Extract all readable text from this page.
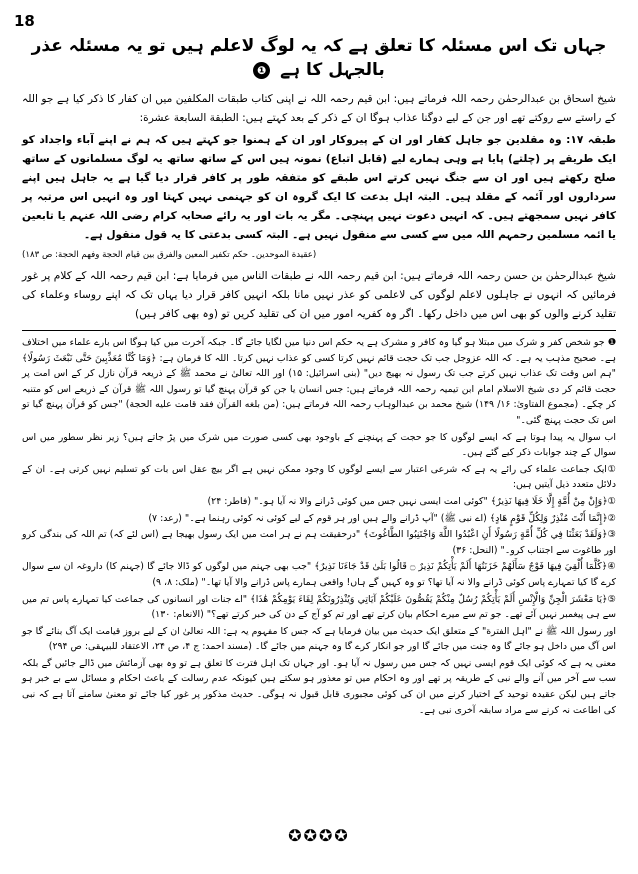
18
جہاں تک اس مسئلہ کا تعلق ہے کہ یہ لوگ لاعلم ہیں تو یہ مسئلہ عذر بالجہل کا ہے ❶

شیخ اسحاق بن عبدالرحمٰن رحمہ اللہ فرماتے ہیں: ابن قیم رحمہ اللہ نے اپنی کتاب طبقات المکلفین میں ان کفار کا ذکر کیا ہے جو اللہ کے راستے سے روکتے تھے اور جن کے لیے دوگنا عذاب ہوگا ان کے ذکر کے بعد کہتے ہیں: الطبقة السابعة عشرة:

طبقہ ۱۷: وہ مقلدین جو جاہل کفار اور ان کے پیروکار اور ان کے ہمنوا جو کہتے ہیں کہ ہم نے اپنے آباء واجداد کو ایک طریقے پر (چلتے) پایا ہے وہی ہمارے لیے (قابل اتباع) نمونہ ہیں اس کے ساتھ ساتھ یہ لوگ مسلمانوں کے ساتھ صلح رکھتے ہیں اور ان سے جنگ نہیں کرتے اس طبقے کو متفقہ طور پر کافر قرار دیا گیا ہے یہ جاہل ہیں اپنے سرداروں اور آئمہ کے مقلد ہیں۔ البتہ اہل بدعت کا ایک گروہ ان کو جہنمی نہیں کہتا اور وہ انہیں اس مرتبہ پر کافر نہیں سمجھتے ہیں۔ کہ انہیں دعوت نہیں پہنچی۔ مگر یہ بات اور یہ رائے صحابہ کرام رضی اللہ عنہم یا تابعین یا ائمہ مسلمین رحمہم اللہ میں سے کسی سے منقول نہیں ہے۔ البتہ کسی بدعتی کا یہ قول منقول ہے۔

(عقیدة الموحدین۔ حکم تکفیر المعین والفرق بین قیام الحجة وفهم الحجة: ص ۱۸۳)

شیخ عبدالرحمٰن بن حسن رحمہ اللہ فرماتے ہیں: ابن قیم رحمہ اللہ نے طبقات الناس میں فرمایا ہے: ابن قیم رحمہ اللہ کے کلام پر غور فرمائیں کہ انہوں نے جاہلوں لاعلم لوگوں کی لاعلمی کو عذر نہیں مانا بلکہ انہیں کافر قرار دیا یہاں تک کہ اپنے روساء وعلماء کی تقلید کرنے والوں کو بھی اس میں داخل رکھا۔ اگر وہ کفریہ امور میں ان کی تقلید کریں تو (وہ بھی کافر ہیں)

❶ جو شخص کفر و شرک میں مبتلا ہو گیا وہ کافر و مشرک ہے یہ حکم اس دنیا میں لگایا جائے گا۔ جبکہ آخرت میں کیا ہوگا اس بارے علماء میں اختلاف ہے۔ صحیح مذہب یہ ہے۔ کہ اللہ عزوجل جب تک حجت قائم نہیں کرتا کسی کو عذاب نہیں کرتا۔ اللہ کا فرمان ہے: ﴿وَمَا كُنَّا مُعَذِّبِينَ حَتَّى نَبْعَثَ رَسُولًا﴾ "ہم اس وقت تک عذاب نہیں کرتے جب تک رسول نہ بھیج دیں" (بنی اسرائیل: ۱۵) اور اللہ تعالیٰ نے محمد ﷺ کے ذریعہ قرآن نازل کر کے اس امت پر حجت قائم کر دی شیخ الاسلام امام ابن تیمیہ رحمہ اللہ فرماتے ہیں: جس انسان یا جن کو قرآن پہنچ گیا تو رسول اللہ ﷺ قرآن کے ذریعے اس کو متنبہ کر چکے۔ (مجموع الفتاویٰ: ۱۶/ ۱۴۹) شیخ محمد بن عبدالوہاب رحمہ اللہ فرماتے ہیں: (من بلغه القرآن فقد قامت عليه الحجة) "جس کو قرآن پہنچ گیا تو اس تک حجت پہنچ گئی۔"

اب سوال یہ پیدا ہوتا ہے کہ ایسے لوگوں کا جو حجت کے پہنچنے کے باوجود بھی کسی صورت میں شرک میں پڑ جاتے ہیں؟ زیر نظر سطور میں اس سوال کے چند جوابات ذکر کیے گئے ہیں۔

①ایک جماعت علماء کی رائے یہ ہے کہ شرعی اعتبار سے ایسے لوگوں کا وجود ممکن نہیں ہے اگر بیچ عقل اس بات کو تسلیم نہیں کرتی ہے۔ ان کے دلائل متعدد ذیل آیتیں ہیں:

①﴿وَإِنْ مِنْ أُمَّةٍ إِلَّا خَلَا فِيهَا نَذِيرٌ﴾ "کوئی امت ایسی نہیں جس میں کوئی ڈرانے والا نہ آیا ہو۔" (فاطر: ۲۴)

②﴿إِنَّمَا أَنْتَ مُنْذِرٌ وَلِكُلِّ قَوْمٍ هَادٍ﴾ (اے نبی ﷺ) "آپ ڈرانے والے ہیں اور ہر قوم کے لیے کوئی نہ کوئی رہنما ہے۔" (رعد: ۷)

③﴿وَلَقَدْ بَعَثْنَا فِي كُلِّ أُمَّةٍ رَسُولًا أَنِ اعْبُدُوا اللَّهَ وَاجْتَنِبُوا الطَّاغُوتَ﴾ "درحقیقت ہم نے ہر امت میں ایک رسول بھیجا ہے (اس لئے کہ) تم اللہ کی بندگی کرو اور طاغوت سے اجتناب کرو۔" (النحل: ۳۶)

④﴿كُلَّمَا أُلْقِيَ فِيهَا فَوْجٌ سَأَلَهُمْ خَزَنَتُهَا أَلَمْ يَأْتِكُمْ نَذِيرٌ ۝ قَالُوا بَلَىٰ قَدْ جَاءَنَا نَذِيرٌ﴾ "جب بھی جہنم میں لوگوں کو ڈالا جائے گا (جہنم کا) داروغہ ان سے سوال کرے گا کیا تمہارے پاس کوئی ڈرانے والا نہ آیا تھا؟ تو وہ کہیں گے ہاں! واقعی ہمارے پاس ڈرانے والا آیا تھا۔" (ملک: ۸، ۹)

⑤﴿يَا مَعْشَرَ الْجِنِّ وَالْإِنْسِ أَلَمْ يَأْتِكُمْ رُسُلٌ مِنْكُمْ يَقُصُّونَ عَلَيْكُمْ آيَاتِي وَيُنْذِرُونَكُمْ لِقَاءَ يَوْمِكُمْ هَٰذَا﴾ "اے جنات اور انسانوں کی جماعت کیا تمہارے پاس تم میں سے ہی پیغمبر نہیں آئے تھے۔ جو تم سے میرے احکام بیان کرتے تھے اور تم کو آج کے دن کی خبر کرتے تھے؟" (الانعام: ۱۳۰)

اور رسول اللہ ﷺ نے "اہل الفترة" کے متعلق ایک حدیث میں بیان فرمایا ہے کہ جس کا مفہوم یہ ہے: اللہ تعالیٰ ان کے لیے بروز قیامت ایک آگ بنائے گا جو اس آگ میں داخل ہو جائے گا وہ جنت میں جائے گا اور جو انکار کرے گا وہ جہنم میں جائے گا۔ (مسند احمد: ج ۴، ص ۲۴، الاعتقاد للبیہقی: ص ۲۹۴)

معنی یہ ہے کہ کوئی ایک قوم ایسی نہیں کہ جس میں رسول نہ آیا ہو۔ اور جہاں تک اہل فترت کا تعلق ہے تو وہ بھی آزمائش میں ڈالے جائیں گے بلکہ سب سے آخر میں آنے والے نبی کے طریقہ پر تھے اور وہ احکام میں تو معذور ہو سکتے ہیں کیونکہ عدم رسالت کے باعث احکام و مسائل سے بے خبر ہو جاتے ہیں لیکن عقیدہ توحید کے اختیار کرنے میں ان کی کوئی مجبوری قابل قبول نہ ہوگی۔ حدیث مذکور پر غور کیا جائے تو معنیٰ سامنے آتا ہے کہ نبی کی اطاعت نہ کرنے سے مراد سابقہ آخری نبی ہے۔

✪✪✪✪
